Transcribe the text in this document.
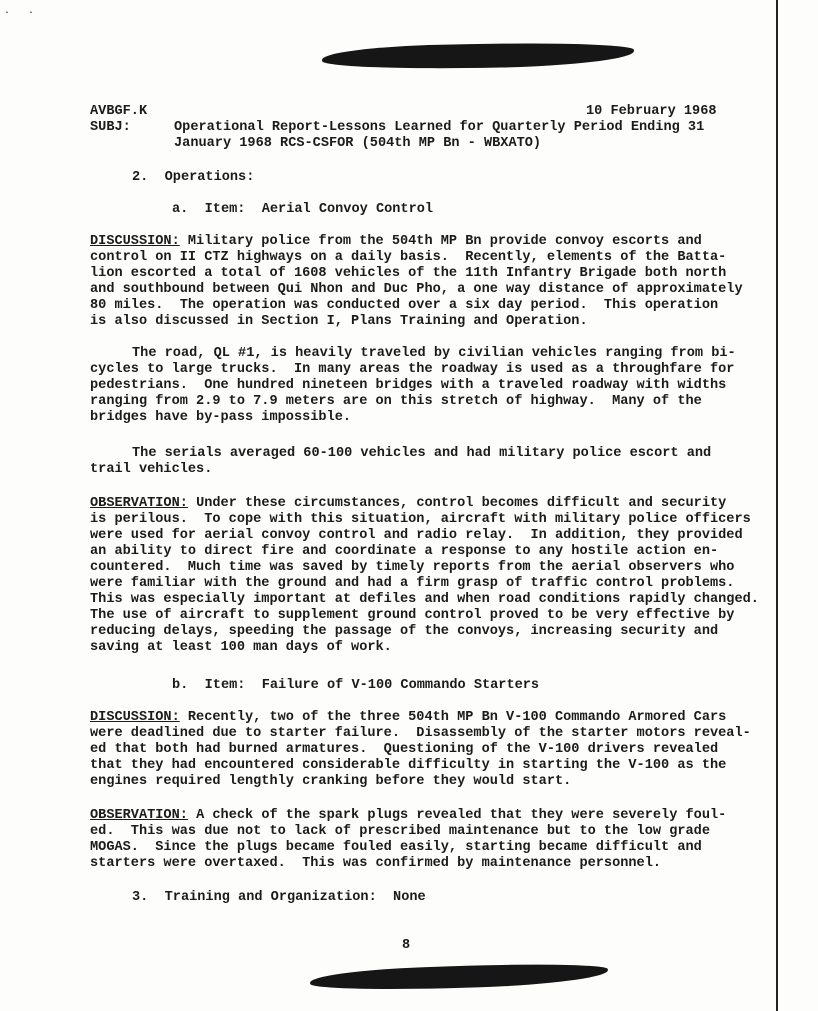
· ·
AVBGF.K	10 February 1968
SUBJ:	Operational Report-Lessons Learned for Quarterly Period Ending 31
January 1968 RCS-CSFOR (504th MP Bn - WBXATO)
2.  Operations:
a.  Item:  Aerial Convoy Control
DISCUSSION: Military police from the 504th MP Bn provide convoy escorts and
control on II CTZ highways on a daily basis.  Recently, elements of the Batta-
lion escorted a total of 1608 vehicles of the 11th Infantry Brigade both north
and southbound between Qui Nhon and Duc Pho, a one way distance of approximately
80 miles.  The operation was conducted over a six day period.  This operation
is also discussed in Section I, Plans Training and Operation.
The road, QL #1, is heavily traveled by civilian vehicles ranging from bi-
cycles to large trucks.  In many areas the roadway is used as a throughfare for
pedestrians.  One hundred nineteen bridges with a traveled roadway with widths
ranging from 2.9 to 7.9 meters are on this stretch of highway.  Many of the
bridges have by-pass impossible.
The serials averaged 60-100 vehicles and had military police escort and
trail vehicles.
OBSERVATION: Under these circumstances, control becomes difficult and security
is perilous.  To cope with this situation, aircraft with military police officers
were used for aerial convoy control and radio relay.  In addition, they provided
an ability to direct fire and coordinate a response to any hostile action en-
countered.  Much time was saved by timely reports from the aerial observers who
were familiar with the ground and had a firm grasp of traffic control problems.
This was especially important at defiles and when road conditions rapidly changed.
The use of aircraft to supplement ground control proved to be very effective by
reducing delays, speeding the passage of the convoys, increasing security and
saving at least 100 man days of work.
b.  Item:  Failure of V-100 Commando Starters
DISCUSSION: Recently, two of the three 504th MP Bn V-100 Commando Armored Cars
were deadlined due to starter failure.  Disassembly of the starter motors reveal-
ed that both had burned armatures.  Questioning of the V-100 drivers revealed
that they had encountered considerable difficulty in starting the V-100 as the
engines required lengthly cranking before they would start.
OBSERVATION: A check of the spark plugs revealed that they were severely foul-
ed.  This was due not to lack of prescribed maintenance but to the low grade
MOGAS.  Since the plugs became fouled easily, starting became difficult and
starters were overtaxed.  This was confirmed by maintenance personnel.
3.  Training and Organization:  None
8
